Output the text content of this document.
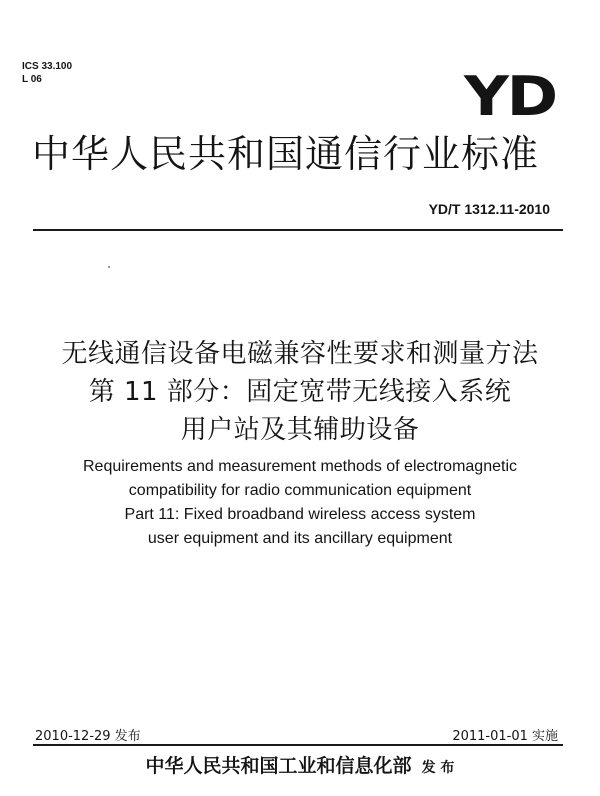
ICS 33.100
L 06	YD
中华人民共和国通信行业标准
YD/T 1312.11-2010
无线通信设备电磁兼容性要求和测量方法
第 11 部分：固定宽带无线接入系统
用户站及其辅助设备
Requirements and measurement methods of electromagnetic
compatibility for radio communication equipment
Part 11: Fixed broadband wireless access system
user equipment and its ancillary equipment
2010-12-29 发布	2011-01-01 实施
中华人民共和国工业和信息化部 发 布
